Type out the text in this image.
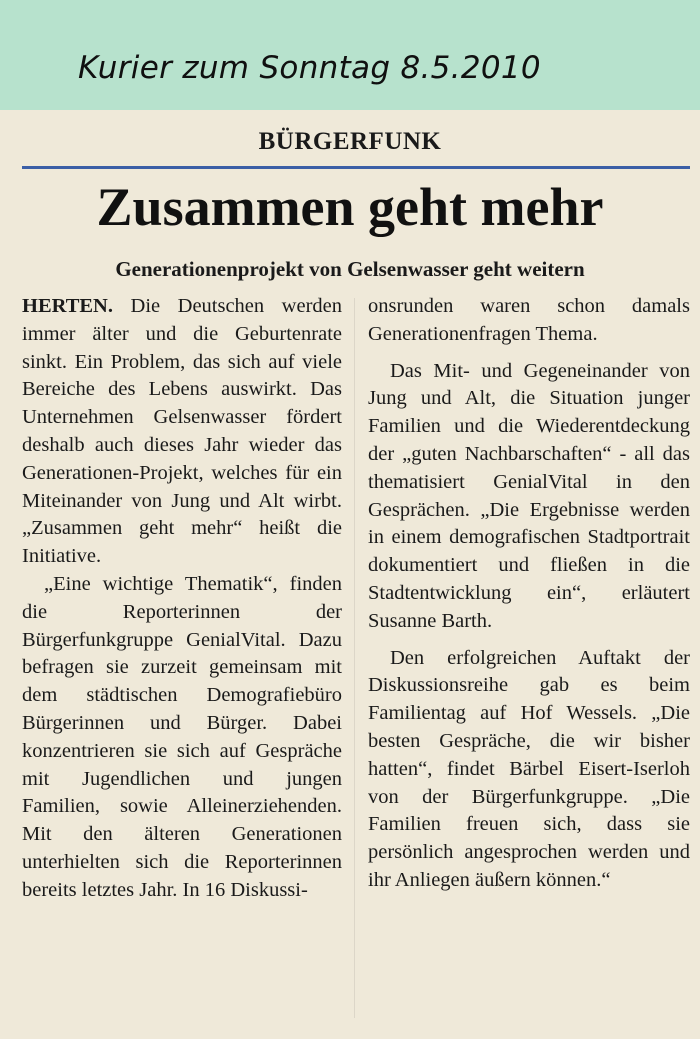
Kurier zum Sonntag 8.5.2010
BÜRGERFUNK
Zusammen geht mehr
Generationenprojekt von Gelsenwasser geht weitern

HERTEN. Die Deutschen werden immer älter und die Geburtenrate sinkt. Ein Problem, das sich auf viele Bereiche des Lebens auswirkt. Das Unternehmen Gelsenwasser fördert deshalb auch dieses Jahr wieder das Generationen-Projekt, welches für ein Miteinander von Jung und Alt wirbt. „Zusammen geht mehr“ heißt die Initiative.

„Eine wichtige Thematik“, finden die Reporterinnen der Bürgerfunkgruppe GenialVital. Dazu befragen sie zurzeit gemeinsam mit dem städtischen Demografiebüro Bürgerinnen und Bürger. Dabei konzentrieren sie sich auf Gespräche mit Jugendlichen und jungen Familien, sowie Alleinerziehenden. Mit den älteren Generationen unterhielten sich die Reporterinnen bereits letztes Jahr. In 16 Diskussi-

onsrunden waren schon damals Generationenfragen Thema.

Das Mit- und Gegeneinander von Jung und Alt, die Situation junger Familien und die Wiederentdeckung der „guten Nachbarschaften“ - all das thematisiert GenialVital in den Gesprächen. „Die Ergebnisse werden in einem demografischen Stadtportrait dokumentiert und fließen in die Stadtentwicklung ein“, erläutert Susanne Barth.

Den erfolgreichen Auftakt der Diskussionsreihe gab es beim Familientag auf Hof Wessels. „Die besten Gespräche, die wir bisher hatten“, findet Bärbel Eisert-Iserloh von der Bürgerfunkgruppe. „Die Familien freuen sich, dass sie persönlich angesprochen werden und ihr Anliegen äußern können.“
